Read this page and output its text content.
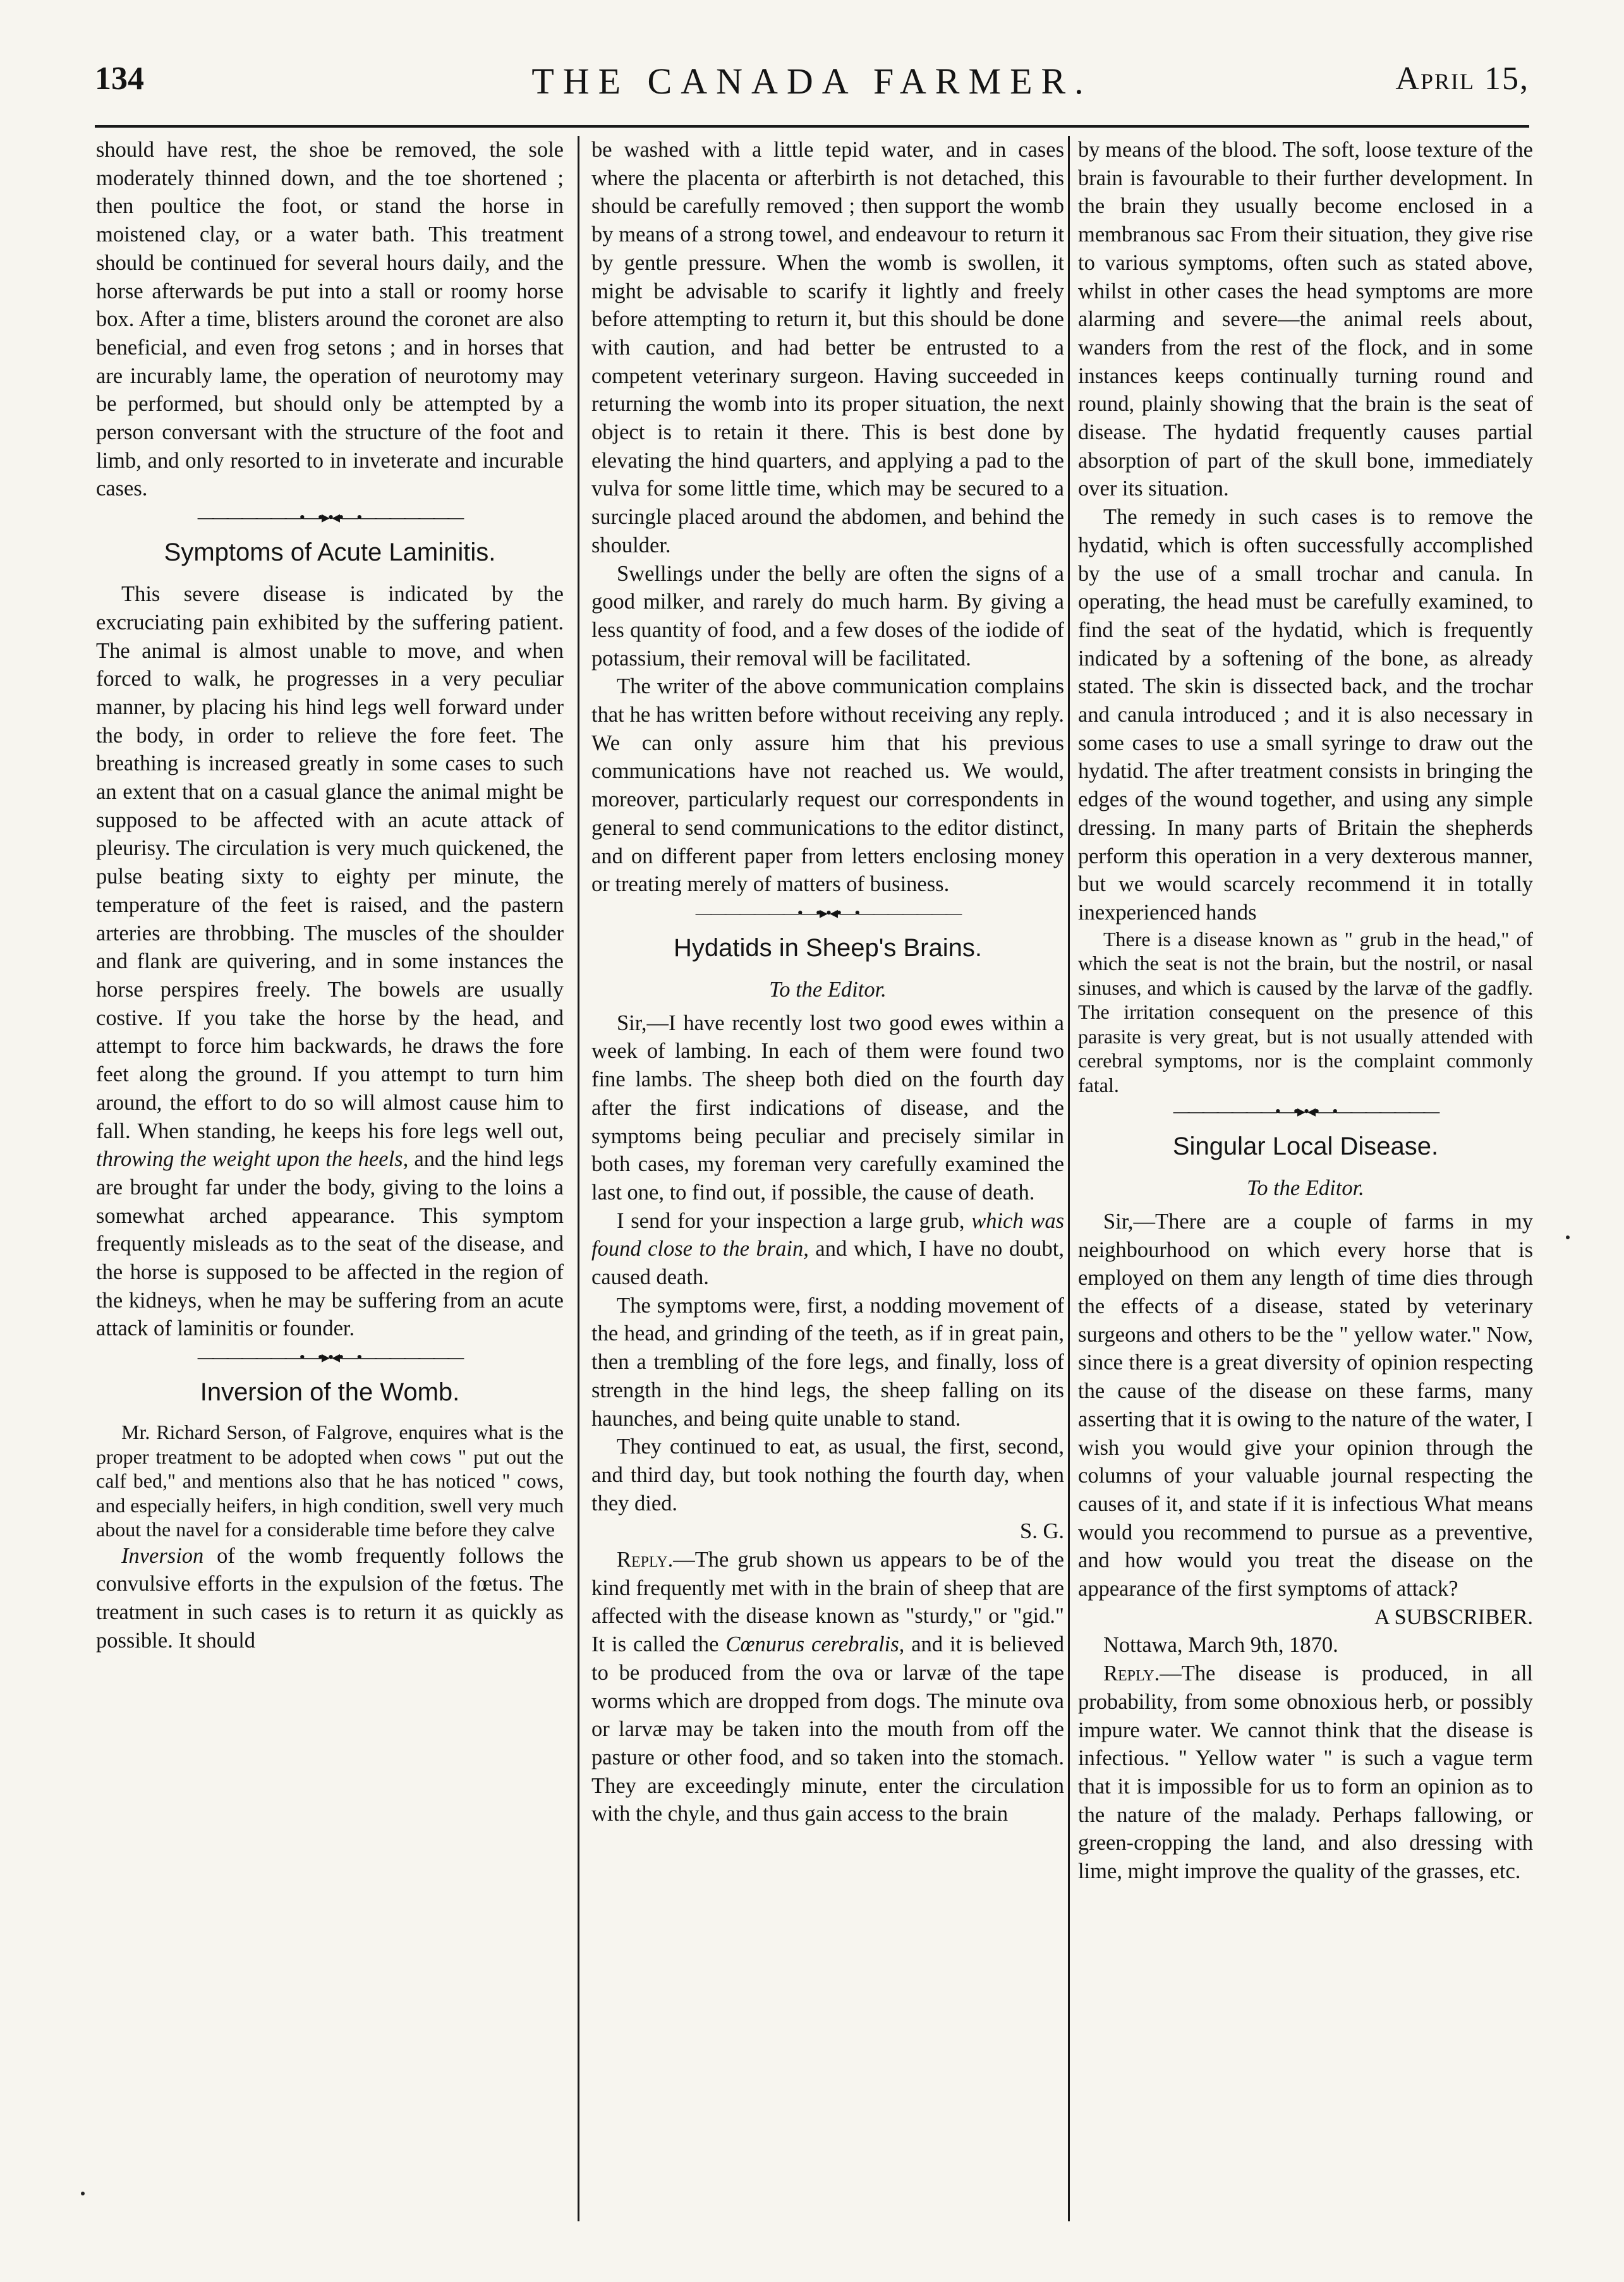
134	THE CANADA FARMER.	April 15,

should have rest, the shoe be removed, the sole moderately thinned down, and the toe shortened ; then poultice the foot, or stand the horse in moistened clay, or a water bath. This treatment should be continued for several hours daily, and the horse afterwards be put into a stall or roomy horse box. After a time, blisters around the coronet are also beneficial, and even frog setons ; and in horses that are incurably lame, the operation of neurotomy may be performed, but should only be attempted by a person conversant with the structure of the foot and limb, and only resorted to in inveterate and incurable cases.

———————•—•▸•◂•—•———————
Symptoms of Acute Laminitis.

This severe disease is indicated by the excruciating pain exhibited by the suffering patient. The animal is almost unable to move, and when forced to walk, he progresses in a very peculiar manner, by placing his hind legs well forward under the body, in order to relieve the fore feet. The breathing is increased greatly in some cases to such an extent that on a casual glance the animal might be supposed to be affected with an acute attack of pleurisy. The circulation is very much quickened, the pulse beating sixty to eighty per minute, the temperature of the feet is raised, and the pastern arteries are throbbing. The muscles of the shoulder and flank are quivering, and in some instances the horse perspires freely. The bowels are usually costive. If you take the horse by the head, and attempt to force him backwards, he draws the fore feet along the ground. If you attempt to turn him around, the effort to do so will almost cause him to fall. When standing, he keeps his fore legs well out, throwing the weight upon the heels, and the hind legs are brought far under the body, giving to the loins a somewhat arched appearance. This symptom frequently misleads as to the seat of the disease, and the horse is supposed to be affected in the region of the kidneys, when he may be suffering from an acute attack of laminitis or founder.

———————•—•▸•◂•—•———————
Inversion of the Womb.

Mr. Richard Serson, of Falgrove, enquires what is the proper treatment to be adopted when cows " put out the calf bed," and mentions also that he has noticed " cows, and especially heifers, in high condition, swell very much about the navel for a considerable time before they calve

Inversion of the womb frequently follows the convulsive efforts in the expulsion of the fœtus. The treatment in such cases is to return it as quickly as possible. It should

be washed with a little tepid water, and in cases where the placenta or afterbirth is not detached, this should be carefully removed ; then support the womb by means of a strong towel, and endeavour to return it by gentle pressure. When the womb is swollen, it might be advisable to scarify it lightly and freely before attempting to return it, but this should be done with caution, and had better be entrusted to a competent veterinary surgeon. Having succeeded in returning the womb into its proper situation, the next object is to retain it there. This is best done by elevating the hind quarters, and applying a pad to the vulva for some little time, which may be secured to a surcingle placed around the abdomen, and behind the shoulder.

Swellings under the belly are often the signs of a good milker, and rarely do much harm. By giving a less quantity of food, and a few doses of the iodide of potassium, their removal will be facilitated.

The writer of the above communication complains that he has written before without receiving any reply. We can only assure him that his previous communications have not reached us. We would, moreover, particularly request our correspondents in general to send communications to the editor distinct, and on different paper from letters enclosing money or treating merely of matters of business.

———————•—•▸•◂•—•———————
Hydatids in Sheep's Brains.
To the Editor.

Sir,—I have recently lost two good ewes within a week of lambing. In each of them were found two fine lambs. The sheep both died on the fourth day after the first indications of disease, and the symptoms being peculiar and precisely similar in both cases, my foreman very carefully examined the last one, to find out, if possible, the cause of death.

I send for your inspection a large grub, which was found close to the brain, and which, I have no doubt, caused death.

The symptoms were, first, a nodding movement of the head, and grinding of the teeth, as if in great pain, then a trembling of the fore legs, and finally, loss of strength in the hind legs, the sheep falling on its haunches, and being quite unable to stand.

They continued to eat, as usual, the first, second, and third day, but took nothing the fourth day, when they died.

S. G.

Reply.—The grub shown us appears to be of the kind frequently met with in the brain of sheep that are affected with the disease known as "sturdy," or "gid." It is called the Cœnurus cerebralis, and it is believed to be produced from the ova or larvæ of the tape worms which are dropped from dogs. The minute ova or larvæ may be taken into the mouth from off the pasture or other food, and so taken into the stomach. They are exceedingly minute, enter the circulation with the chyle, and thus gain access to the brain

by means of the blood. The soft, loose texture of the brain is favourable to their further development. In the brain they usually become enclosed in a membranous sac From their situation, they give rise to various symptoms, often such as stated above, whilst in other cases the head symptoms are more alarming and severe—the animal reels about, wanders from the rest of the flock, and in some instances keeps continually turning round and round, plainly showing that the brain is the seat of disease. The hydatid frequently causes partial absorption of part of the skull bone, immediately over its situation.

The remedy in such cases is to remove the hydatid, which is often successfully accomplished by the use of a small trochar and canula. In operating, the head must be carefully examined, to find the seat of the hydatid, which is frequently indicated by a softening of the bone, as already stated. The skin is dissected back, and the trochar and canula introduced ; and it is also necessary in some cases to use a small syringe to draw out the hydatid. The after treatment consists in bringing the edges of the wound together, and using any simple dressing. In many parts of Britain the shepherds perform this operation in a very dexterous manner, but we would scarcely recommend it in totally inexperienced hands

There is a disease known as " grub in the head," of which the seat is not the brain, but the nostril, or nasal sinuses, and which is caused by the larvæ of the gadfly. The irritation consequent on the presence of this parasite is very great, but is not usually attended with cerebral symptoms, nor is the complaint commonly fatal.

———————•—•▸•◂•—•———————
Singular Local Disease.
To the Editor.

Sir,—There are a couple of farms in my neighbourhood on which every horse that is employed on them any length of time dies through the effects of a disease, stated by veterinary surgeons and others to be the " yellow water." Now, since there is a great diversity of opinion respecting the cause of the disease on these farms, many asserting that it is owing to the nature of the water, I wish you would give your opinion through the columns of your valuable journal respecting the causes of it, and state if it is infectious What means would you recommend to pursue as a preventive, and how would you treat the disease on the appearance of the first symptoms of attack?

A SUBSCRIBER.

Nottawa, March 9th, 1870.

Reply.—The disease is produced, in all probability, from some obnoxious herb, or possibly impure water. We cannot think that the disease is infectious. " Yellow water " is such a vague term that it is impossible for us to form an opinion as to the nature of the malady. Perhaps fallowing, or green-cropping the land, and also dressing with lime, might improve the quality of the grasses, etc.
